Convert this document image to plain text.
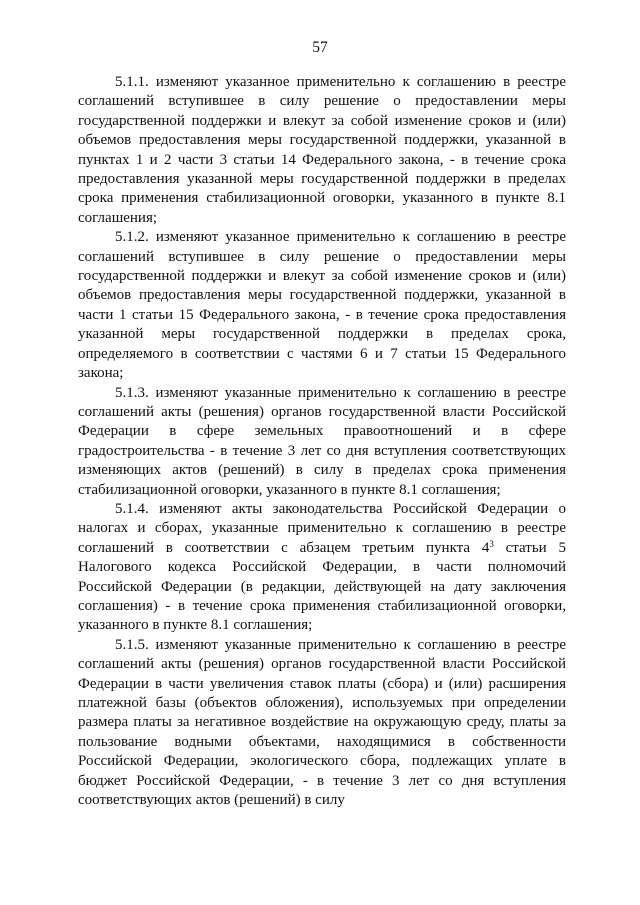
57

5.1.1. изменяют указанное применительно к соглашению в реестре соглашений вступившее в силу решение о предоставлении меры государственной поддержки и влекут за собой изменение сроков и (или) объемов предоставления меры государственной поддержки, указанной в пунктах 1 и 2 части 3 статьи 14 Федерального закона, - в течение срока предоставления указанной меры государственной поддержки в пределах срока применения стабилизационной оговорки, указанного в пункте 8.1 соглашения;

5.1.2. изменяют указанное применительно к соглашению в реестре соглашений вступившее в силу решение о предоставлении меры государственной поддержки и влекут за собой изменение сроков и (или) объемов предоставления меры государственной поддержки, указанной в части 1 статьи 15 Федерального закона, - в течение срока предоставления указанной меры государственной поддержки в пределах срока, определяемого в соответствии с частями 6 и 7 статьи 15 Федерального закона;

5.1.3. изменяют указанные применительно к соглашению в реестре соглашений акты (решения) органов государственной власти Российской Федерации в сфере земельных правоотношений и в сфере градостроительства - в течение 3 лет со дня вступления соответствующих изменяющих актов (решений) в силу в пределах срока применения стабилизационной оговорки, указанного в пункте 8.1 соглашения;

5.1.4. изменяют акты законодательства Российской Федерации о налогах и сборах, указанные применительно к соглашению в реестре соглашений в соответствии с абзацем третьим пункта $4^3$ статьи 5 Налогового кодекса Российской Федерации, в части полномочий Российской Федерации (в редакции, действующей на дату заключения соглашения) - в течение срока применения стабилизационной оговорки, указанного в пункте 8.1 соглашения;

5.1.5. изменяют указанные применительно к соглашению в реестре соглашений акты (решения) органов государственной власти Российской Федерации в части увеличения ставок платы (сбора) и (или) расширения платежной базы (объектов обложения), используемых при определении размера платы за негативное воздействие на окружающую среду, платы за пользование водными объектами, находящимися в собственности Российской Федерации, экологического сбора, подлежащих уплате в бюджет Российской Федерации, - в течение 3 лет со дня вступления соответствующих актов (решений) в силу
